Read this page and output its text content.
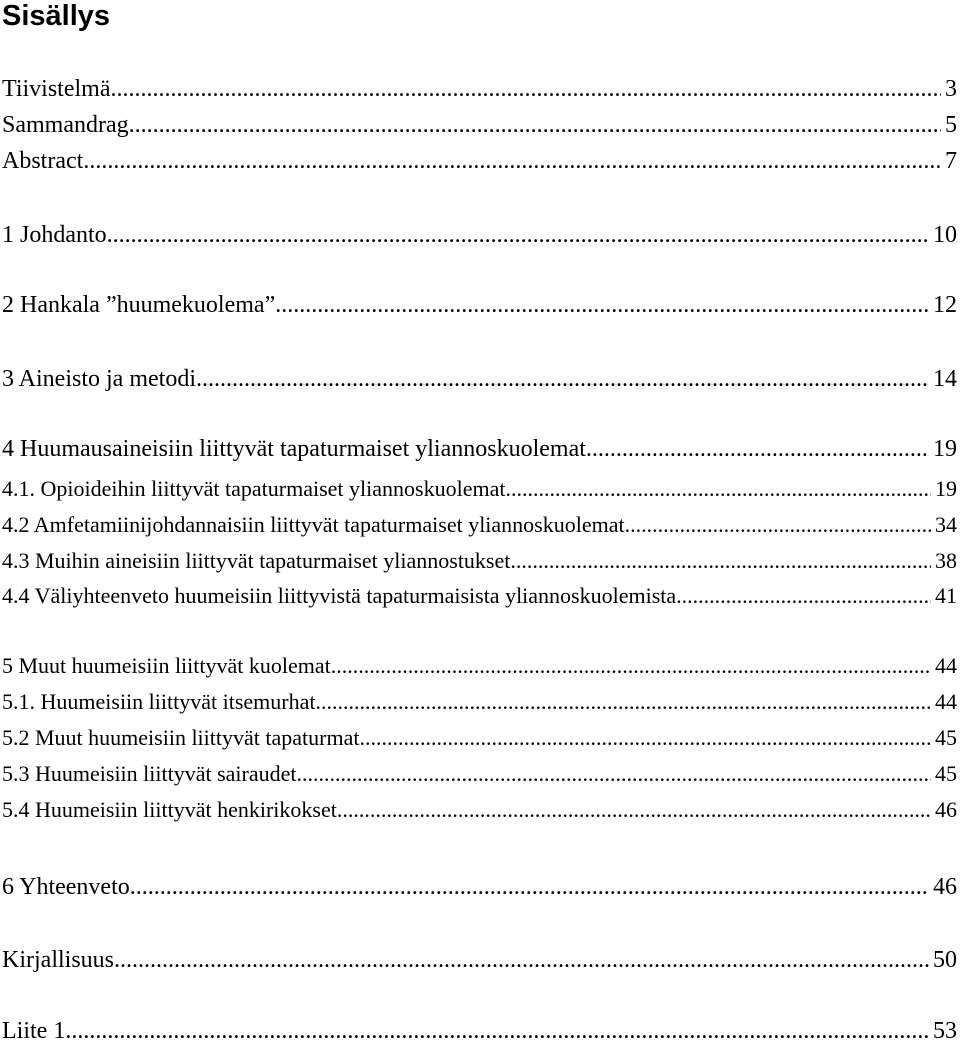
Sisällys
Tiivistelmä .....	3
Sammandrag .....	5
Abstract .....	7
1 Johdanto .....	10
2 Hankala ”huumekuolema” .....	12
3 Aineisto ja metodi .....	14
4 Huumausaineisiin liittyvät tapaturmaiset yliannoskuolemat .....	19
4.1. Opioideihin liittyvät tapaturmaiset yliannoskuolemat .....	19
4.2 Amfetamiinijohdannaisiin liittyvät tapaturmaiset yliannoskuolemat .....	34
4.3 Muihin aineisiin liittyvät tapaturmaiset yliannostukset .....	38
4.4 Väliyhteenveto huumeisiin liittyvistä tapaturmaisista yliannoskuolemista .....	41
5 Muut huumeisiin liittyvät kuolemat .....	44
5.1. Huumeisiin liittyvät itsemurhat .....	44
5.2 Muut huumeisiin liittyvät tapaturmat .....	45
5.3 Huumeisiin liittyvät sairaudet .....	45
5.4 Huumeisiin liittyvät henkirikokset .....	46
6 Yhteenveto .....	46
Kirjallisuus .....	50
Liite 1 .....	53
